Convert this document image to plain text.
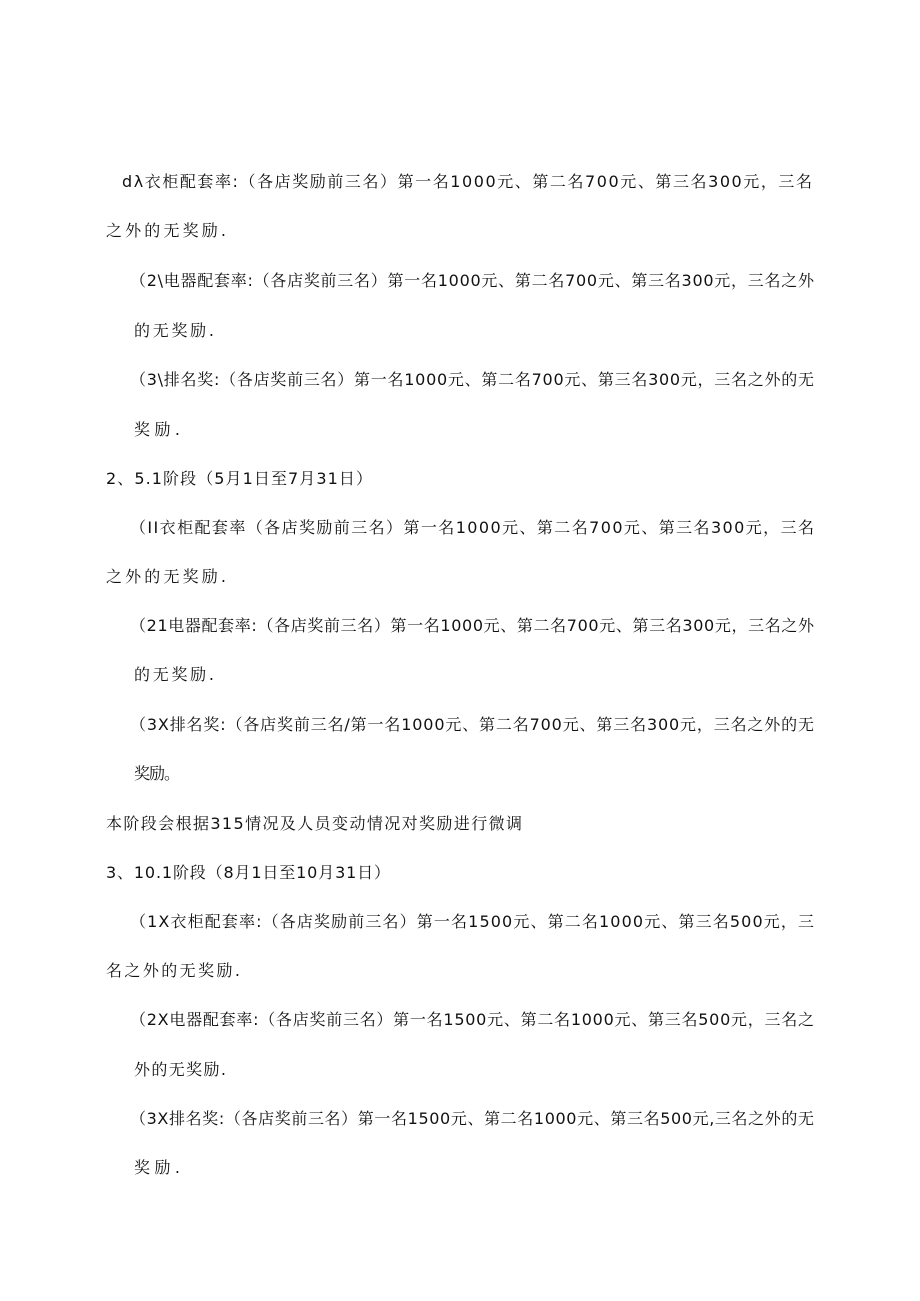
dλ衣柜配套率:（各店奖励前三名）第一名1000元、第二名700元、第三名300元，三名
之外的无奖励.
（2\电器配套率:（各店奖前三名）第一名1000元、第二名700元、第三名300元，三名之外
的无奖励.
（3\排名奖:（各店奖前三名）第一名1000元、第二名700元、第三名300元，三名之外的无
奖励.
2、5.1阶段（5月1日至7月31日）
（II衣柜配套率（各店奖励前三名）第一名1000元、第二名700元、第三名300元，三名
之外的无奖励.
（21电器配套率:（各店奖前三名）第一名1000元、第二名700元、第三名300元，三名之外
的无奖励.
（3X排名奖:（各店奖前三名∕第一名1000元、第二名700元、第三名300元，三名之外的无
奖励。
本阶段会根据315情况及人员变动情况对奖励进行微调
3、10.1阶段（8月1日至10月31日）
（1X衣柜配套率:（各店奖励前三名）第一名1500元、第二名1000元、第三名500元，三
名之外的无奖励.
（2X电器配套率:（各店奖前三名）第一名1500元、第二名1000元、第三名500元，三名之
外的无奖励.
（3X排名奖:（各店奖前三名）第一名1500元、第二名1000元、第三名500元,三名之外的无
奖励.
